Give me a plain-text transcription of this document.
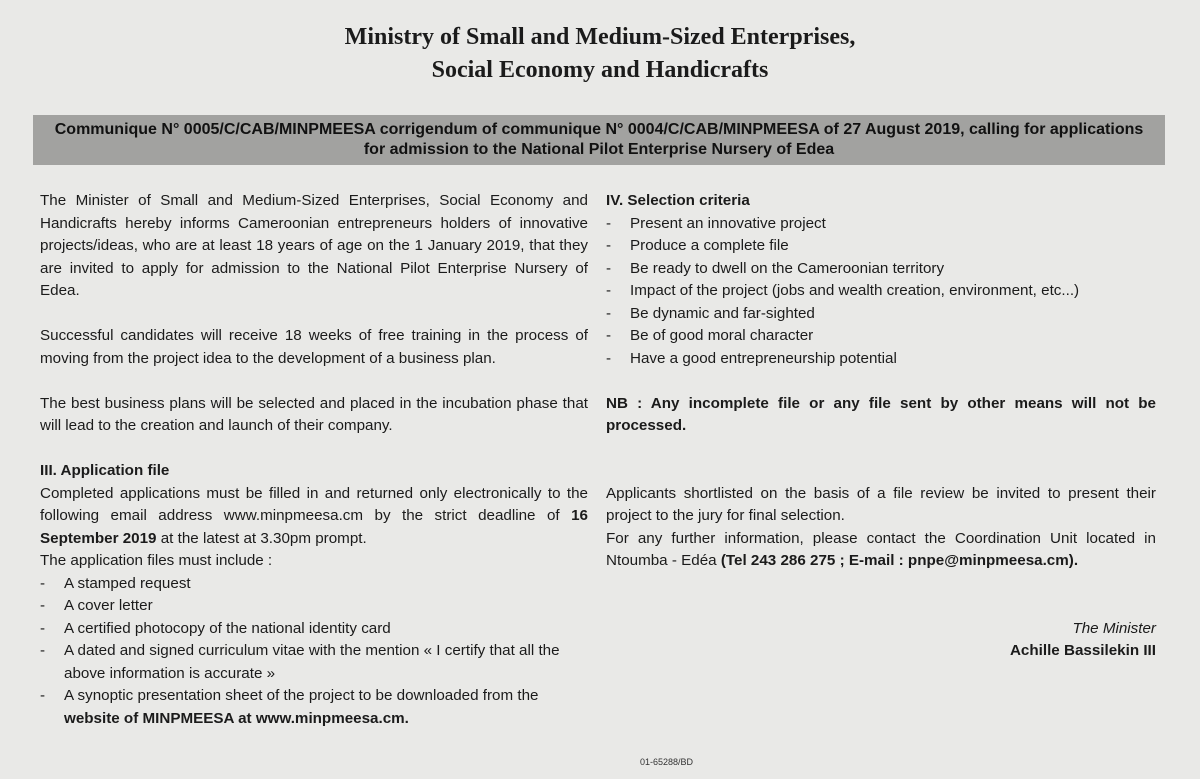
Ministry of Small and Medium-Sized Enterprises,
Social Economy and Handicrafts
Communique N° 0005/C/CAB/MINPMEESA corrigendum of communique N° 0004/C/CAB/MINPMEESA of 27 August 2019, calling for applications for admission to the National Pilot Enterprise Nursery of Edea

The Minister of Small and Medium-Sized Enterprises, Social Economy and Handicrafts hereby informs Cameroonian entrepreneurs holders of innovative projects/ideas, who are at least 18 years of age on the 1 January 2019, that they are invited to apply for admission to the National Pilot Enterprise Nursery of Edea.

Successful candidates will receive 18 weeks of free training in the process of moving from the project idea to the development of a business plan.

The best business plans will be selected and placed in the incubation phase that will lead to the creation and launch of their company.

III. Application file

Completed applications must be filled in and returned only electronically to the following email address www.minpmeesa.cm by the strict deadline of 16 September 2019 at the latest at 3.30pm prompt.

The application files must include :

- A stamped request
- A cover letter
- A certified photocopy of the national identity card
- A dated and signed curriculum vitae with the mention « I certify that all the above information is accurate »
- A synoptic presentation sheet of the project to be downloaded from the website of MINPMEESA at www.minpmeesa.cm.

IV. Selection criteria

- Present an innovative project
- Produce a complete file
- Be ready to dwell on the Cameroonian territory
- Impact of the project (jobs and wealth creation, environment, etc...)
- Be dynamic and far-sighted
- Be of good moral character
- Have a good entrepreneurship potential

NB : Any incomplete file or any file sent by other means will not be processed.

Applicants shortlisted on the basis of a file review be invited to present their project to the jury for final selection.

For any further information, please contact the Coordination Unit located in Ntoumba - Edéa (Tel 243 286 275 ; E-mail : pnpe@minpmeesa.cm).

The Minister

Achille Bassilekin III

01-65288/BD
